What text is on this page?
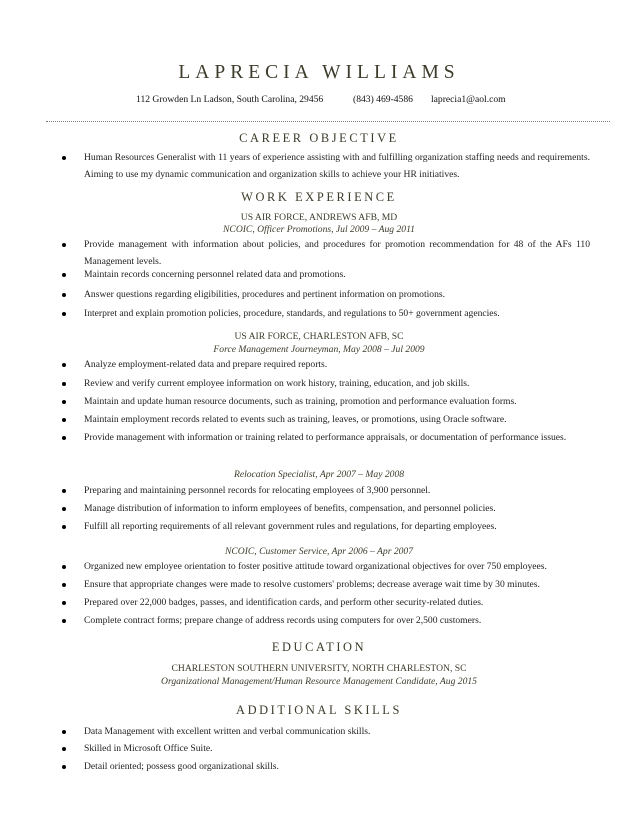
LAPRECIA WILLIAMS
112 Growden Ln Ladson, South Carolina, 29456	(843) 469-4586	laprecia1@aol.com
CAREER OBJECTIVE
Human Resources Generalist with 11 years of experience assisting with and fulfilling organization staffing needs and requirements. Aiming to use my dynamic communication and organization skills to achieve your HR initiatives.
WORK EXPERIENCE
US AIR FORCE, ANDREWS AFB, MD
NCOIC, Officer Promotions, Jul 2009 – Aug 2011
Provide management with information about policies, and procedures for promotion recommendation for 48 of the AFs 110 Management levels.
Maintain records concerning personnel related data and promotions.
Answer questions regarding eligibilities, procedures and pertinent information on promotions.
Interpret and explain promotion policies, procedure, standards, and regulations to 50+ government agencies.
US AIR FORCE, CHARLESTON AFB, SC
Force Management Journeyman, May 2008 – Jul 2009
Analyze employment-related data and prepare required reports.
Review and verify current employee information on work history, training, education, and job skills.
Maintain and update human resource documents, such as training, promotion and performance evaluation forms.
Maintain employment records related to events such as training, leaves, or promotions, using Oracle software.
Provide management with information or training related to performance appraisals, or documentation of performance issues.
Relocation Specialist, Apr 2007 – May 2008
Preparing and maintaining personnel records for relocating employees of 3,900 personnel.
Manage distribution of information to inform employees of benefits, compensation, and personnel policies.
Fulfill all reporting requirements of all relevant government rules and regulations, for departing employees.
NCOIC, Customer Service, Apr 2006 – Apr 2007
Organized new employee orientation to foster positive attitude toward organizational objectives for over 750 employees.
Ensure that appropriate changes were made to resolve customers' problems; decrease average wait time by 30 minutes.
Prepared over 22,000 badges, passes, and identification cards, and perform other security-related duties.
Complete contract forms; prepare change of address records using computers for over 2,500 customers.
EDUCATION
CHARLESTON SOUTHERN UNIVERSITY, NORTH CHARLESTON, SC
Organizational Management/Human Resource Management Candidate, Aug 2015
ADDITIONAL SKILLS
Data Management with excellent written and verbal communication skills.
Skilled in Microsoft Office Suite.
Detail oriented; possess good organizational skills.
